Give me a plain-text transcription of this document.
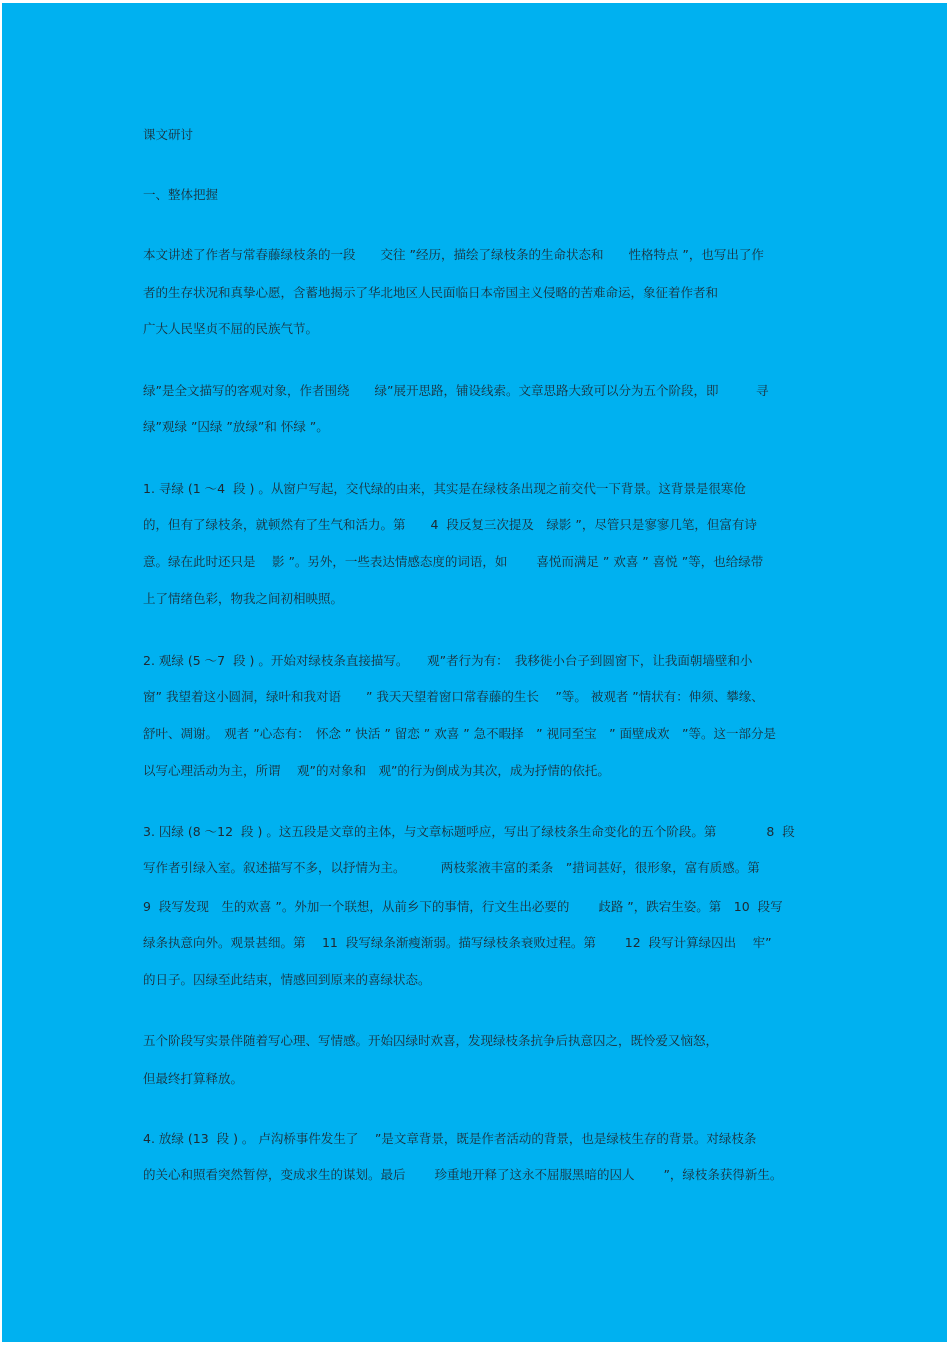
课文研讨
一、整体把握
本文讲述了作者与常春藤绿枝条的一段　　交往 ”经历，描绘了绿枝条的生命状态和　　性格特点 ”，也写出了作
者的生存状况和真挚心愿，含蓄地揭示了华北地区人民面临日本帝国主义侵略的苦难命运，象征着作者和
广大人民坚贞不屈的民族气节。
绿”是全文描写的客观对象，作者围绕　　绿”展开思路，铺设线索。文章思路大致可以分为五个阶段，即　　　寻
绿”观绿 ”囚绿 ”放绿”和 怀绿 ”。
1. 寻绿 (1 ～4  段 ) 。从窗户写起，交代绿的由来，其实是在绿枝条出现之前交代一下背景。这背景是很寒伧
的，但有了绿枝条，就顿然有了生气和活力。第　　4  段反复三次提及　绿影 ”，尽管只是寥寥几笔，但富有诗
意。绿在此时还只是　 影 ”。另外，一些表达情感态度的词语，如　　 喜悦而满足 ” 欢喜 ” 喜悦 ”等，也给绿带
上了情绪色彩，物我之间初相映照。
2. 观绿 (5 ～7  段 ) 。开始对绿枝条直接描写。　　观”者行为有：　我移徙小台子到圆窗下，让我面朝墙壁和小
窗” 我望着这小圆洞，绿叶和我对语　　” 我天天望着窗口常春藤的生长　 ”等。 被观者 ”情状有：伸须、攀缘、
舒叶、凋谢。　观者 ”心态有：　怀念 ” 快活 ” 留恋 ” 欢喜 ” 急不暇择　” 视同至宝　” 面壁成欢　”等。这一部分是
以写心理活动为主，所谓　 观”的对象和　观”的行为倒成为其次，成为抒情的依托。
3. 囚绿 (8 ～12  段 ) 。这五段是文章的主体，与文章标题呼应，写出了绿枝条生命变化的五个阶段。第　　　　8  段
写作者引绿入室。叙述描写不多，以抒情为主。　　　 两枝浆液丰富的柔条　”措词甚好，很形象，富有质感。第
9  段写发现　生的欢喜 ”。外加一个联想，从前乡下的事情，行文生出必要的　　 歧路 ”，跌宕生姿。第　10  段写
绿条执意向外。观景甚细。第　 11  段写绿条渐瘦渐弱。描写绿枝条衰败过程。第　　 12  段写计算绿囚出　 牢”
的日子。囚绿至此结束，情感回到原来的喜绿状态。
五个阶段写实景伴随着写心理、写情感。开始囚绿时欢喜，发现绿枝条抗争后执意囚之，既怜爱又恼怒，
但最终打算释放。
4. 放绿 (13  段 ) 。 卢沟桥事件发生了　 ”是文章背景，既是作者活动的背景，也是绿枝生存的背景。对绿枝条
的关心和照看突然暂停，变成求生的谋划。最后　　 珍重地开释了这永不屈服黑暗的囚人　　 ”，绿枝条获得新生。
